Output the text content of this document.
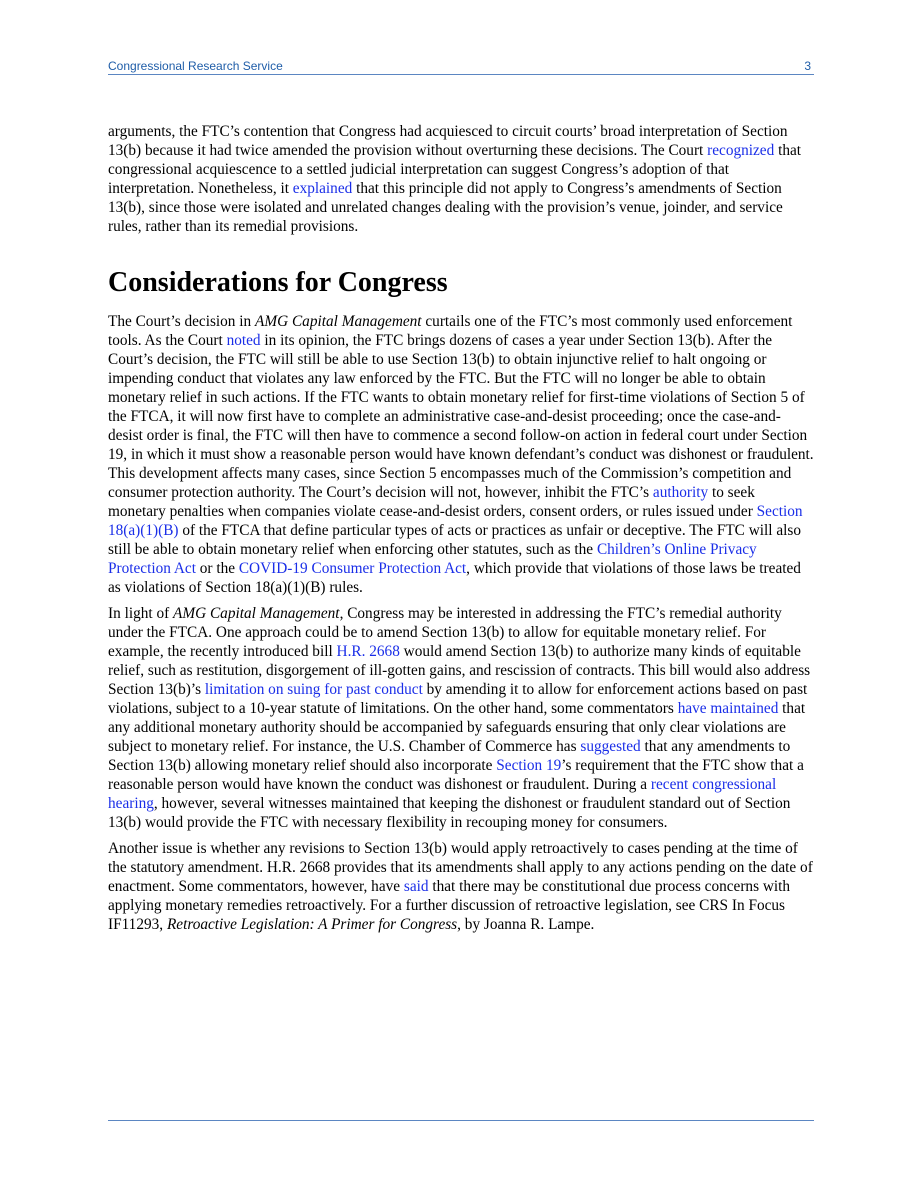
Congressional Research Service	3

arguments, the FTC’s contention that Congress had acquiesced to circuit courts’ broad interpretation of Section 13(b) because it had twice amended the provision without overturning these decisions. The Court recognized that congressional acquiescence to a settled judicial interpretation can suggest Congress’s adoption of that interpretation. Nonetheless, it explained that this principle did not apply to Congress’s amendments of Section 13(b), since those were isolated and unrelated changes dealing with the provision’s venue, joinder, and service rules, rather than its remedial provisions.

Considerations for Congress

The Court’s decision in AMG Capital Management curtails one of the FTC’s most commonly used enforcement tools. As the Court noted in its opinion, the FTC brings dozens of cases a year under Section 13(b). After the Court’s decision, the FTC will still be able to use Section 13(b) to obtain injunctive relief to halt ongoing or impending conduct that violates any law enforced by the FTC. But the FTC will no longer be able to obtain monetary relief in such actions. If the FTC wants to obtain monetary relief for first-time violations of Section 5 of the FTCA, it will now first have to complete an administrative case-and-desist proceeding; once the case-and-desist order is final, the FTC will then have to commence a second follow-on action in federal court under Section 19, in which it must show a reasonable person would have known defendant’s conduct was dishonest or fraudulent. This development affects many cases, since Section 5 encompasses much of the Commission’s competition and consumer protection authority. The Court’s decision will not, however, inhibit the FTC’s authority to seek monetary penalties when companies violate cease-and-desist orders, consent orders, or rules issued under Section 18(a)(1)(B) of the FTCA that define particular types of acts or practices as unfair or deceptive. The FTC will also still be able to obtain monetary relief when enforcing other statutes, such as the Children’s Online Privacy Protection Act or the COVID-19 Consumer Protection Act, which provide that violations of those laws be treated as violations of Section 18(a)(1)(B) rules.

In light of AMG Capital Management, Congress may be interested in addressing the FTC’s remedial authority under the FTCA. One approach could be to amend Section 13(b) to allow for equitable monetary relief. For example, the recently introduced bill H.R. 2668 would amend Section 13(b) to authorize many kinds of equitable relief, such as restitution, disgorgement of ill-gotten gains, and rescission of contracts. This bill would also address Section 13(b)’s limitation on suing for past conduct by amending it to allow for enforcement actions based on past violations, subject to a 10-year statute of limitations. On the other hand, some commentators have maintained that any additional monetary authority should be accompanied by safeguards ensuring that only clear violations are subject to monetary relief. For instance, the U.S. Chamber of Commerce has suggested that any amendments to Section 13(b) allowing monetary relief should also incorporate Section 19’s requirement that the FTC show that a reasonable person would have known the conduct was dishonest or fraudulent. During a recent congressional hearing, however, several witnesses maintained that keeping the dishonest or fraudulent standard out of Section 13(b) would provide the FTC with necessary flexibility in recouping money for consumers.

Another issue is whether any revisions to Section 13(b) would apply retroactively to cases pending at the time of the statutory amendment. H.R. 2668 provides that its amendments shall apply to any actions pending on the date of enactment. Some commentators, however, have said that there may be constitutional due process concerns with applying monetary remedies retroactively. For a further discussion of retroactive legislation, see CRS In Focus IF11293, Retroactive Legislation: A Primer for Congress, by Joanna R. Lampe.
